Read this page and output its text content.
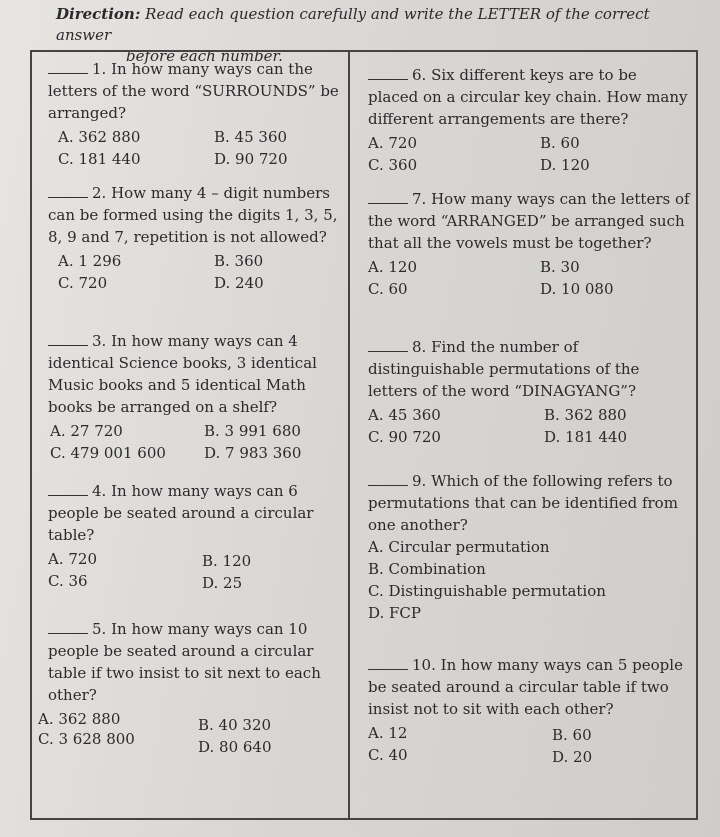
Direction: Read each question carefully and write the LETTER of the correct answer
before each number.

1. In how many ways can the letters of the word “SURROUNDS” be arranged?

A. 362 880	B. 45 360
C. 181 440	D. 90 720

2. How many 4 – digit numbers can be formed using the digits 1, 3, 5, 8, 9 and 7, repetition is not allowed?

A. 1 296	B. 360
C. 720	D. 240

3. In how many ways can 4 identical Science books, 3 identical Music books and 5 identical Math books be arranged on a shelf?

A. 27 720	B. 3 991 680
C. 479 001 600	D. 7 983 360

4. In how many ways can 6 people be seated around a circular table?

A. 720	B. 120
C. 36	D. 25

5. In how many ways can 10 people be seated around a circular table if two insist to sit next to each other?

A. 362 880	B. 40 320
C. 3 628 800	D. 80 640

6. Six different keys are to be placed on a circular key chain. How many different arrangements are there?

A. 720	B. 60
C. 360	D. 120

7. How many ways can the letters of the word “ARRANGED” be arranged such that all the vowels must be together?

A. 120	B. 30
C. 60	D. 10 080

8. Find the number of distinguishable permutations of the letters of the word “DINAGYANG”?

A. 45 360	B. 362 880
C. 90 720	D. 181 440

9. Which of the following refers to permutations that can be identified from one another?

A. Circular permutation
B. Combination
C. Distinguishable permutation
D. FCP

10. In how many ways can 5 people be seated around a circular table if two insist not to sit with each other?

A. 12	B. 60
C. 40	D. 20
